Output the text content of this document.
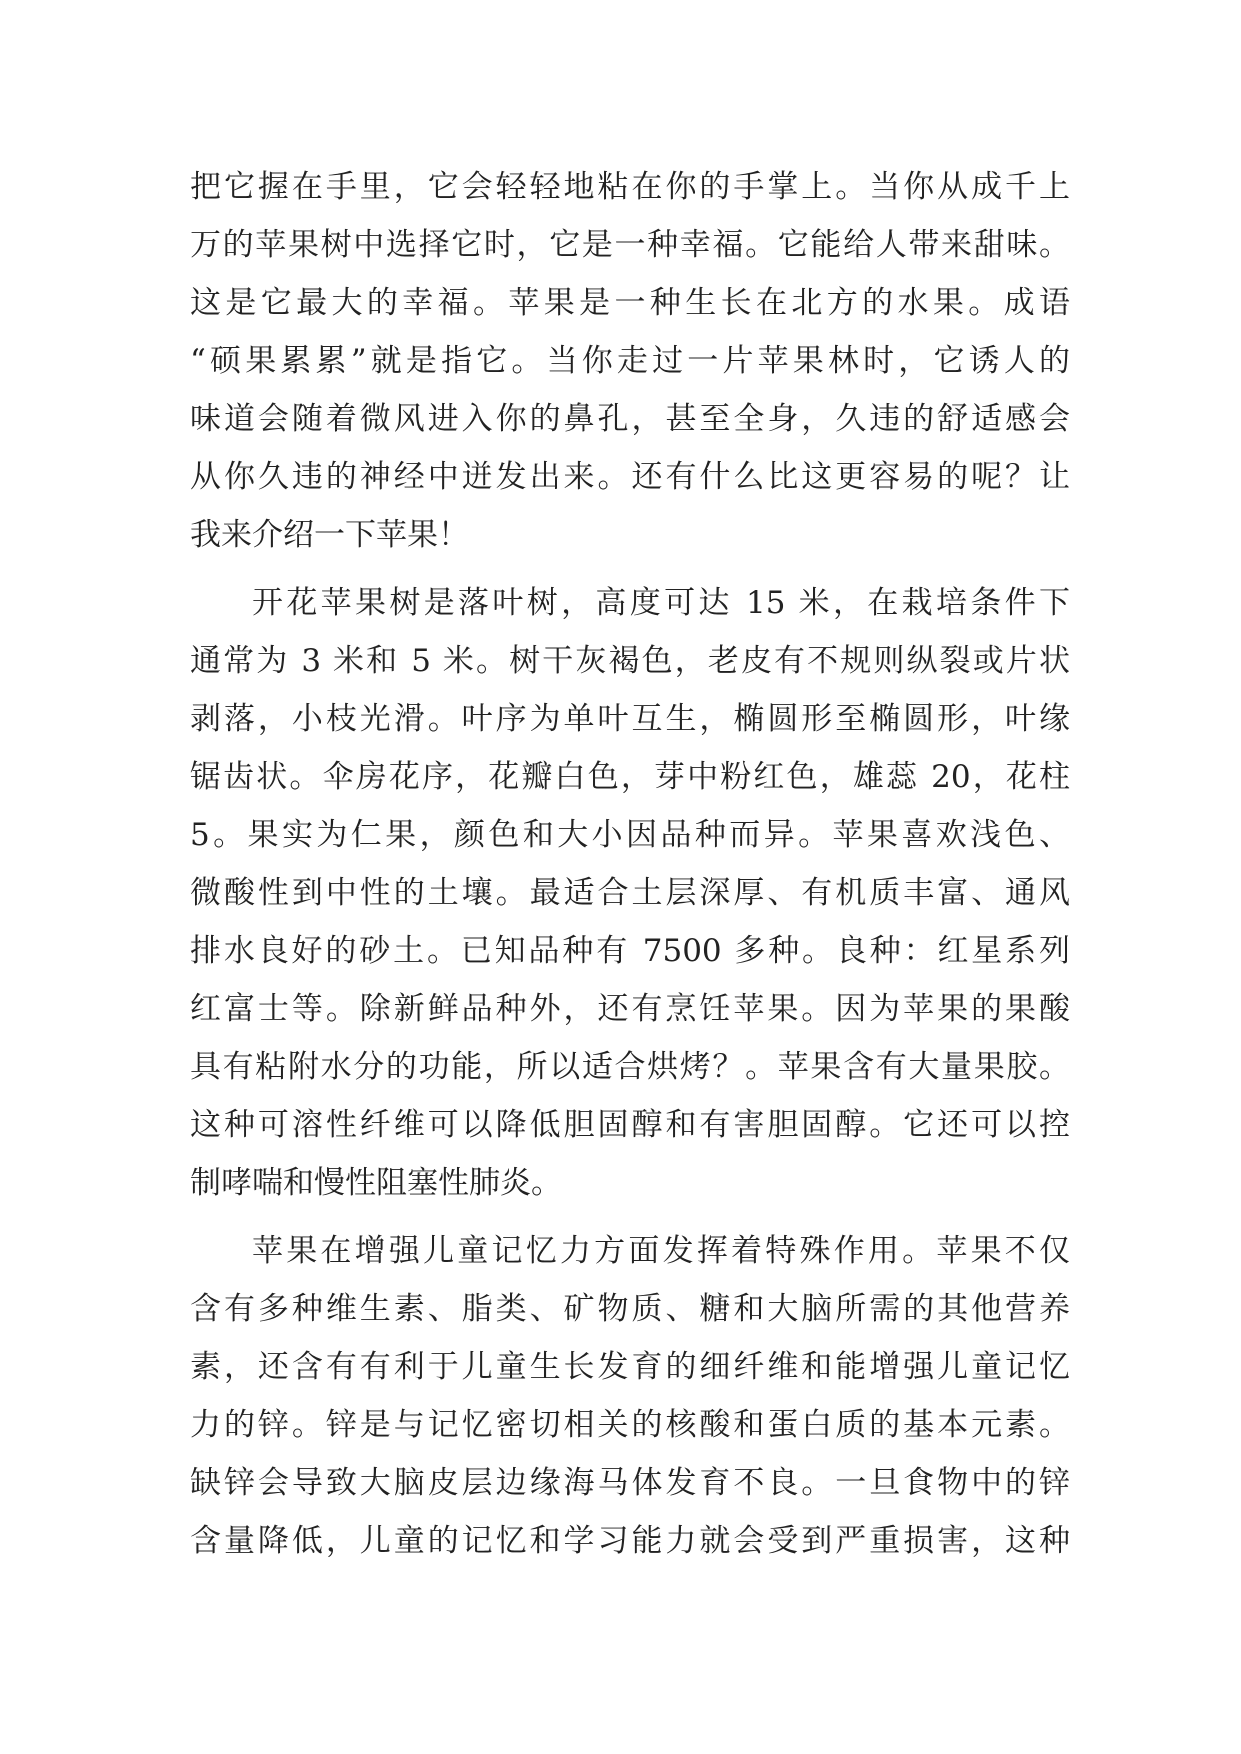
把它握在手里，它会轻轻地粘在你的手掌上。当你从成千上
万的苹果树中选择它时，它是一种幸福。它能给人带来甜味。
这是它最大的幸福。苹果是一种生长在北方的水果。成语
“硕果累累”就是指它。当你走过一片苹果林时，它诱人的
味道会随着微风进入你的鼻孔，甚至全身，久违的舒适感会
从你久违的神经中迸发出来。还有什么比这更容易的呢？让
我来介绍一下苹果！

开花苹果树是落叶树，高度可达 15 米，在栽培条件下
通常为 3 米和 5 米。树干灰褐色，老皮有不规则纵裂或片状
剥落，小枝光滑。叶序为单叶互生，椭圆形至椭圆形，叶缘
锯齿状。伞房花序，花瓣白色，芽中粉红色，雄蕊 20，花柱
5。果实为仁果，颜色和大小因品种而异。苹果喜欢浅色、
微酸性到中性的土壤。最适合土层深厚、有机质丰富、通风
排水良好的砂土。已知品种有 7500 多种。良种：红星系列
红富士等。除新鲜品种外，还有烹饪苹果。因为苹果的果酸
具有粘附水分的功能，所以适合烘烤？。苹果含有大量果胶。
这种可溶性纤维可以降低胆固醇和有害胆固醇。它还可以控
制哮喘和慢性阻塞性肺炎。

苹果在增强儿童记忆力方面发挥着特殊作用。苹果不仅
含有多种维生素、脂类、矿物质、糖和大脑所需的其他营养
素，还含有有利于儿童生长发育的细纤维和能增强儿童记忆
力的锌。锌是与记忆密切相关的核酸和蛋白质的基本元素。
缺锌会导致大脑皮层边缘海马体发育不良。一旦食物中的锌
含量降低，儿童的记忆和学习能力就会受到严重损害，这种
